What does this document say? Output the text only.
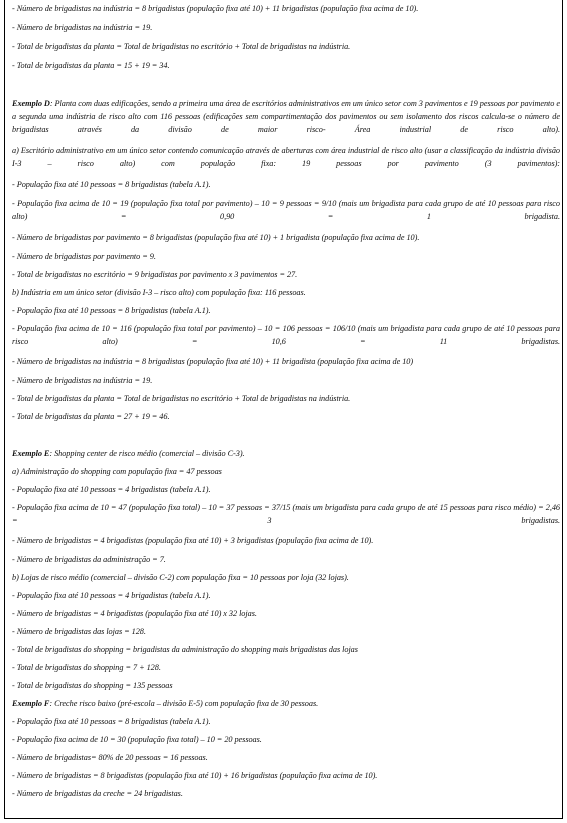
- Número de brigadistas na indústria = 8 brigadistas (população fixa até 10) + 11 brigadistas (população fixa acima de 10).
- Número de brigadistas na indústria = 19.
- Total de brigadistas da planta = Total de brigadistas no escritório + Total de brigadistas na indústria.
- Total de brigadistas da planta = 15 + 19 = 34.
Exemplo D: Planta com duas edificações, sendo a primeira uma área de escritórios administrativos em um único setor com 3 pavimentos e 19 pessoas por pavimento e a segunda uma indústria de risco alto com 116 pessoas (edificações sem compartimentação dos pavimentos ou sem isolamento dos riscos calcula-se o número de brigadistas através da divisão de maior risco- Área industrial de risco alto).
a) Escritório administrativo em um único setor contendo comunicação através de aberturas com área industrial de risco alto (usar a classificação da indústria divisão I-3 – risco alto) com população fixa: 19 pessoas por pavimento (3 pavimentos):
- População fixa até 10 pessoas = 8 brigadistas (tabela A.1).
- População fixa acima de 10 = 19 (população fixa total por pavimento) – 10 = 9 pessoas = 9/10 (mais um brigadista para cada grupo de até 10 pessoas para risco alto) = 0,90 = 1 brigadista.
- Número de brigadistas por pavimento = 8 brigadistas (população fixa até 10) + 1 brigadista (população fixa acima de 10).
- Número de brigadistas por pavimento = 9.
- Total de brigadistas no escritório = 9 brigadistas por pavimento x 3 pavimentos = 27.
b) Indústria em um único setor (divisão I-3 – risco alto) com população fixa: 116 pessoas.
- População fixa até 10 pessoas = 8 brigadistas (tabela A.1).
- População fixa acima de 10 = 116 (população fixa total por pavimento) – 10 = 106 pessoas = 106/10 (mais um brigadista para cada grupo de até 10 pessoas para risco alto) = 10,6 = 11 brigadistas.
- Número de brigadistas na indústria = 8 brigadistas (população fixa até 10) + 11 brigadista (população fixa acima de 10)
- Número de brigadistas na indústria = 19.
- Total de brigadistas da planta = Total de brigadistas no escritório + Total de brigadistas na indústria.
- Total de brigadistas da planta = 27 + 19 = 46.
Exemplo E: Shopping center de risco médio (comercial – divisão C-3).
a) Administração do shopping com população fixa = 47 pessoas
- População fixa até 10 pessoas = 4 brigadistas (tabela A.1).
- População fixa acima de 10 = 47 (população fixa total) – 10 = 37 pessoas = 37/15 (mais um brigadista para cada grupo de até 15 pessoas para risco médio) = 2,46 = 3 brigadistas.
- Número de brigadistas = 4 brigadistas (população fixa até 10) + 3 brigadistas (população fixa acima de 10).
- Número de brigadistas da administração = 7.
b) Lojas de risco médio (comercial – divisão C-2) com população fixa = 10 pessoas por loja (32 lojas).
- População fixa até 10 pessoas = 4 brigadistas (tabela A.1).
- Número de brigadistas = 4 brigadistas (população fixa até 10) x 32 lojas.
- Número de brigadistas das lojas = 128.
- Total de brigadistas do shopping = brigadistas da administração do shopping mais brigadistas das lojas
- Total de brigadistas do shopping = 7 + 128.
- Total de brigadistas do shopping = 135 pessoas
Exemplo F: Creche risco baixo (pré-escola – divisão E-5) com população fixa de 30 pessoas.
- População fixa até 10 pessoas = 8 brigadistas (tabela A.1).
- População fixa acima de 10 = 30 (população fixa total) – 10 = 20 pessoas.
- Número de brigadistas= 80% de 20 pessoas = 16 pessoas.
- Número de brigadistas = 8 brigadistas (população fixa até 10) + 16 brigadistas (população fixa acima de 10).
- Número de brigadistas da creche = 24 brigadistas.
